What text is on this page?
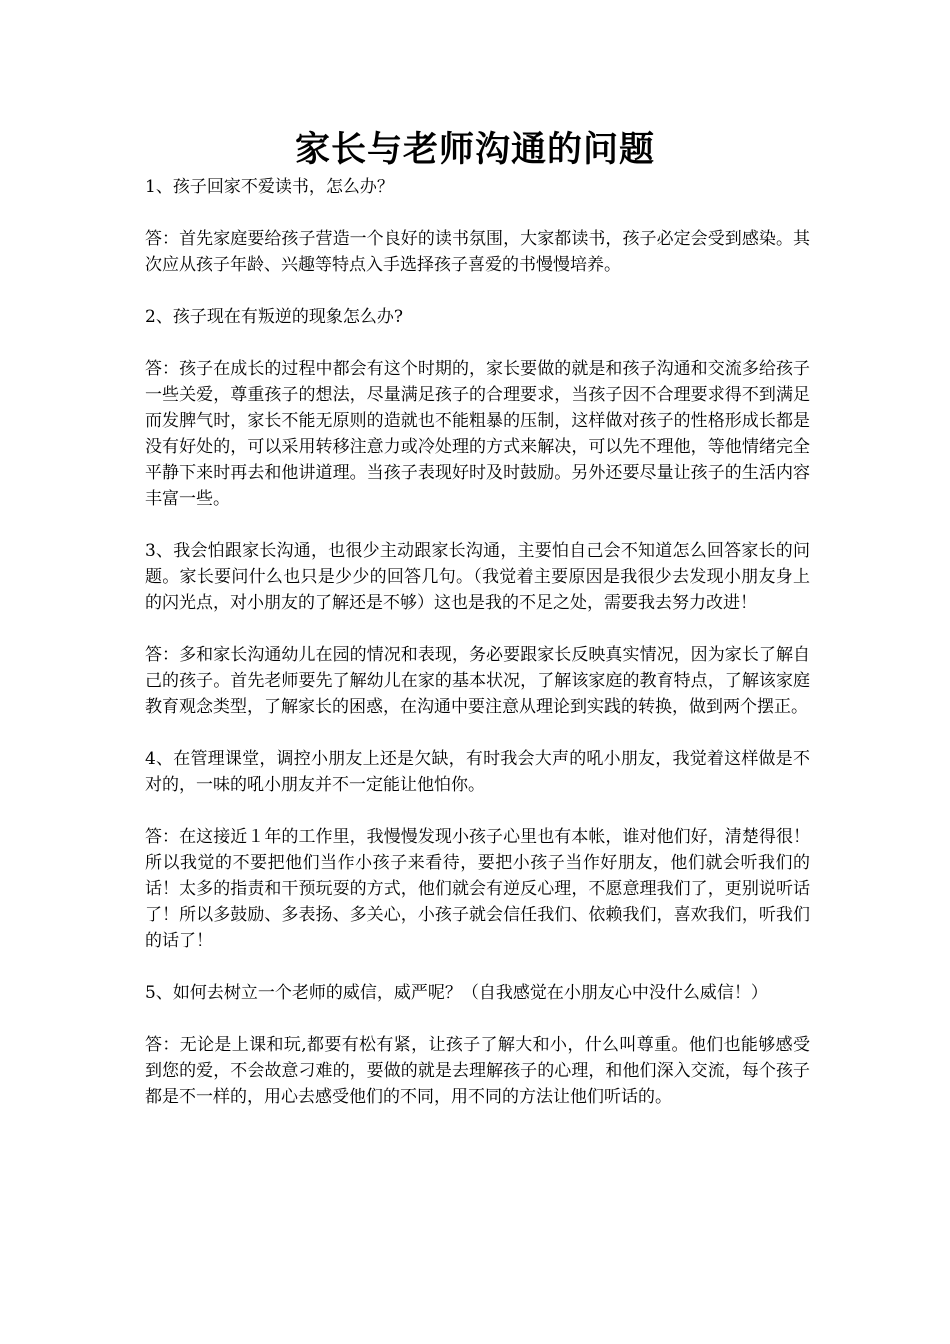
家长与老师沟通的问题

1、孩子回家不爱读书，怎么办？

答：首先家庭要给孩子营造一个良好的读书氛围，大家都读书，孩子必定会受到感染。其次应从孩子年龄、兴趣等特点入手选择孩子喜爱的书慢慢培养。

2、孩子现在有叛逆的现象怎么办?

答：孩子在成长的过程中都会有这个时期的，家长要做的就是和孩子沟通和交流多给孩子一些关爱，尊重孩子的想法，尽量满足孩子的合理要求，当孩子因不合理要求得不到满足而发脾气时，家长不能无原则的造就也不能粗暴的压制，这样做对孩子的性格形成长都是没有好处的，可以采用转移注意力或冷处理的方式来解决，可以先不理他，等他情绪完全平静下来时再去和他讲道理。当孩子表现好时及时鼓励。另外还要尽量让孩子的生活内容丰富一些。

3、我会怕跟家长沟通，也很少主动跟家长沟通，主要怕自己会不知道怎么回答家长的问题。家长要问什么也只是少少的回答几句。（我觉着主要原因是我很少去发现小朋友身上的闪光点，对小朋友的了解还是不够）这也是我的不足之处，需要我去努力改进！

答：多和家长沟通幼儿在园的情况和表现，务必要跟家长反映真实情况，因为家长了解自己的孩子。首先老师要先了解幼儿在家的基本状况，了解该家庭的教育特点，了解该家庭教育观念类型，了解家长的困惑，在沟通中要注意从理论到实践的转换，做到两个摆正。

4、在管理课堂，调控小朋友上还是欠缺，有时我会大声的吼小朋友，我觉着这样做是不对的，一味的吼小朋友并不一定能让他怕你。

答：在这接近１年的工作里，我慢慢发现小孩子心里也有本帐，谁对他们好，清楚得很！所以我觉的不要把他们当作小孩子来看待，要把小孩子当作好朋友，他们就会听我们的话！太多的指责和干预玩耍的方式，他们就会有逆反心理，不愿意理我们了，更别说听话了！所以多鼓励、多表扬、多关心，小孩子就会信任我们、依赖我们，喜欢我们，听我们的话了！

5、如何去树立一个老师的威信，威严呢？（自我感觉在小朋友心中没什么威信！）

答：无论是上课和玩,都要有松有紧，让孩子了解大和小，什么叫尊重。他们也能够感受到您的爱，不会故意刁难的，要做的就是去理解孩子的心理，和他们深入交流，每个孩子都是不一样的，用心去感受他们的不同，用不同的方法让他们听话的。
